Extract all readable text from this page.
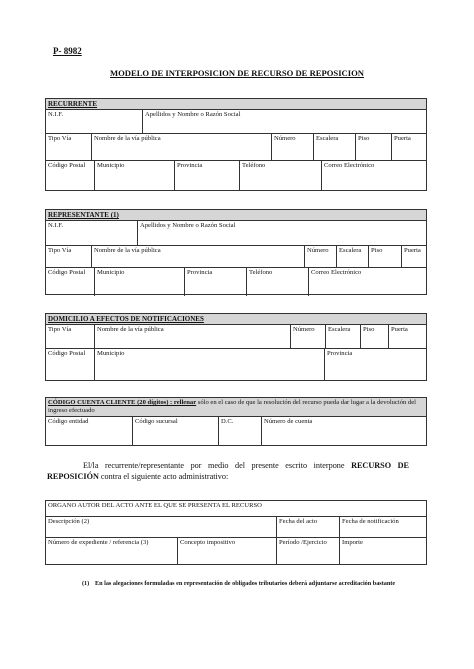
P- 8982
MODELO DE INTERPOSICION DE RECURSO DE REPOSICION
RECURRENTE
N.I.F.	Apellidos y Nombre o Razón Social
Tipo Vía	Nombre de la vía pública	Número	Escalera	Piso	Puerta
Código Postal	Municipio	Provincia	Teléfono	Correo Electrónico
REPRESENTANTE (1)
N.I.F.	Apellidos y Nombre o Razón Social
Tipo Vía	Nombre de la vía pública	Número	Escalera	Piso	Puerta
Código Postal	Municipio	Provincia	Teléfono	Correo Electrónico
DOMICILIO A EFECTOS DE NOTIFICACIONES
Tipo Vía	Nombre de la vía pública	Número	Escalera	Piso	Puerta
Código Postal	Municipio	Provincia
CÓDIGO CUENTA CLIENTE (20 dígitos) : rellenar sólo en el caso de que la resolución del recurso pueda dar lugar a la devolución del ingreso efectuado
Código entidad	Código sucursal	D.C.	Número de cuenta
El/la recurrente/representante por medio del presente escrito interpone RECURSO DE REPOSICIÓN contra el siguiente acto administrativo:
ORGANO AUTOR DEL ACTO ANTE EL QUE SE PRESENTA EL RECURSO
Descripción (2)	Fecha del acto	Fecha de notificación
Número de expediente / referencia (3)	Concepto impositivo	Período /Ejercicio	Importe
(1) En las alegaciones formuladas en representación de obligados tributarios deberá adjuntarse acreditación bastante
